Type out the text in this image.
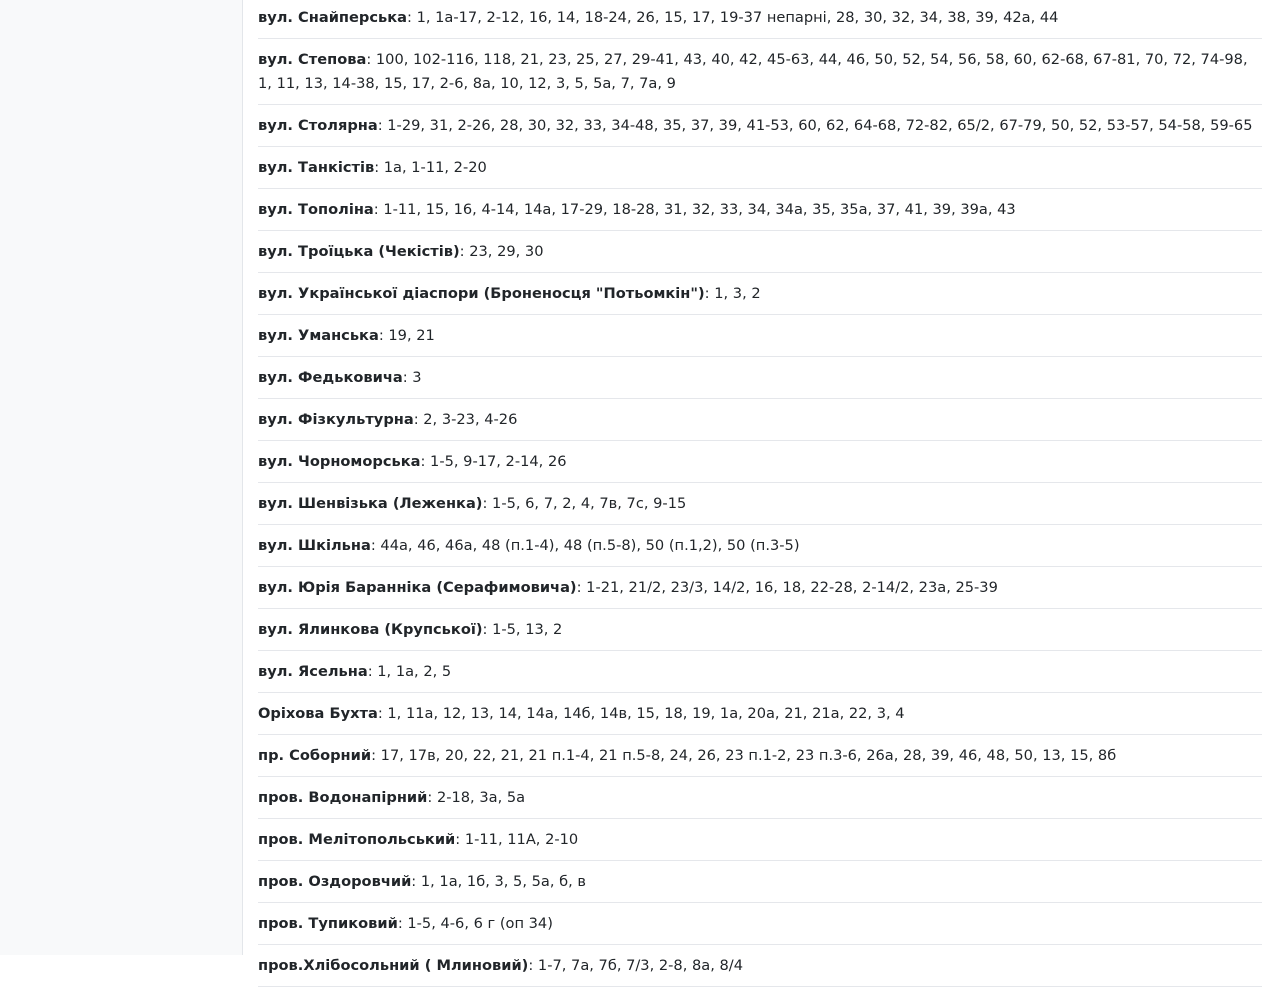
вул. Снайперська: 1, 1а-17, 2-12, 16, 14, 18-24, 26, 15, 17, 19-37 непарні, 28, 30, 32, 34, 38, 39, 42а, 44
вул. Степова: 100, 102-116, 118, 21, 23, 25, 27, 29-41, 43, 40, 42, 45-63, 44, 46, 50, 52, 54, 56, 58, 60, 62-68, 67-81, 70, 72, 74-98, 1, 11, 13, 14-38, 15, 17, 2-6, 8а, 10, 12, 3, 5, 5а, 7, 7а, 9
вул. Столярна: 1-29, 31, 2-26, 28, 30, 32, 33, 34-48, 35, 37, 39, 41-53, 60, 62, 64-68, 72-82, 65/2, 67-79, 50, 52, 53-57, 54-58, 59-65
вул. Танкістів: 1а, 1-11, 2-20
вул. Тополіна: 1-11, 15, 16, 4-14, 14а, 17-29, 18-28, 31, 32, 33, 34, 34а, 35, 35а, 37, 41, 39, 39а, 43
вул. Троїцька (Чекістів): 23, 29, 30
вул. Української діаспори (Броненосця "Потьомкін"): 1, 3, 2
вул. Уманська: 19, 21
вул. Федьковича: 3
вул. Фізкультурна: 2, 3-23, 4-26
вул. Чорноморська: 1-5, 9-17, 2-14, 26
вул. Шенвізька (Леженка): 1-5, 6, 7, 2, 4, 7в, 7с, 9-15
вул. Шкільна: 44а, 46, 46а, 48 (п.1-4), 48 (п.5-8), 50 (п.1,2), 50 (п.3-5)
вул. Юрія Баранніка (Серафимовича): 1-21, 21/2, 23/3, 14/2, 16, 18, 22-28, 2-14/2, 23а, 25-39
вул. Ялинкова (Крупської): 1-5, 13, 2
вул. Ясельна: 1, 1а, 2, 5
Оріхова Бухта: 1, 11а, 12, 13, 14, 14а, 14б, 14в, 15, 18, 19, 1а, 20а, 21, 21а, 22, 3, 4
пр. Соборний: 17, 17в, 20, 22, 21, 21 п.1-4, 21 п.5-8, 24, 26, 23 п.1-2, 23 п.3-6, 26а, 28, 39, 46, 48, 50, 13, 15, 8б
пров. Водонапірний: 2-18, 3а, 5а
пров. Мелітопольський: 1-11, 11А, 2-10
пров. Оздоровчий: 1, 1а, 1б, 3, 5, 5а, б, в
пров. Тупиковий: 1-5, 4-6, 6 г (оп 34)
пров.Хлібосольний ( Млиновий): 1-7, 7а, 7б, 7/3, 2-8, 8а, 8/4
